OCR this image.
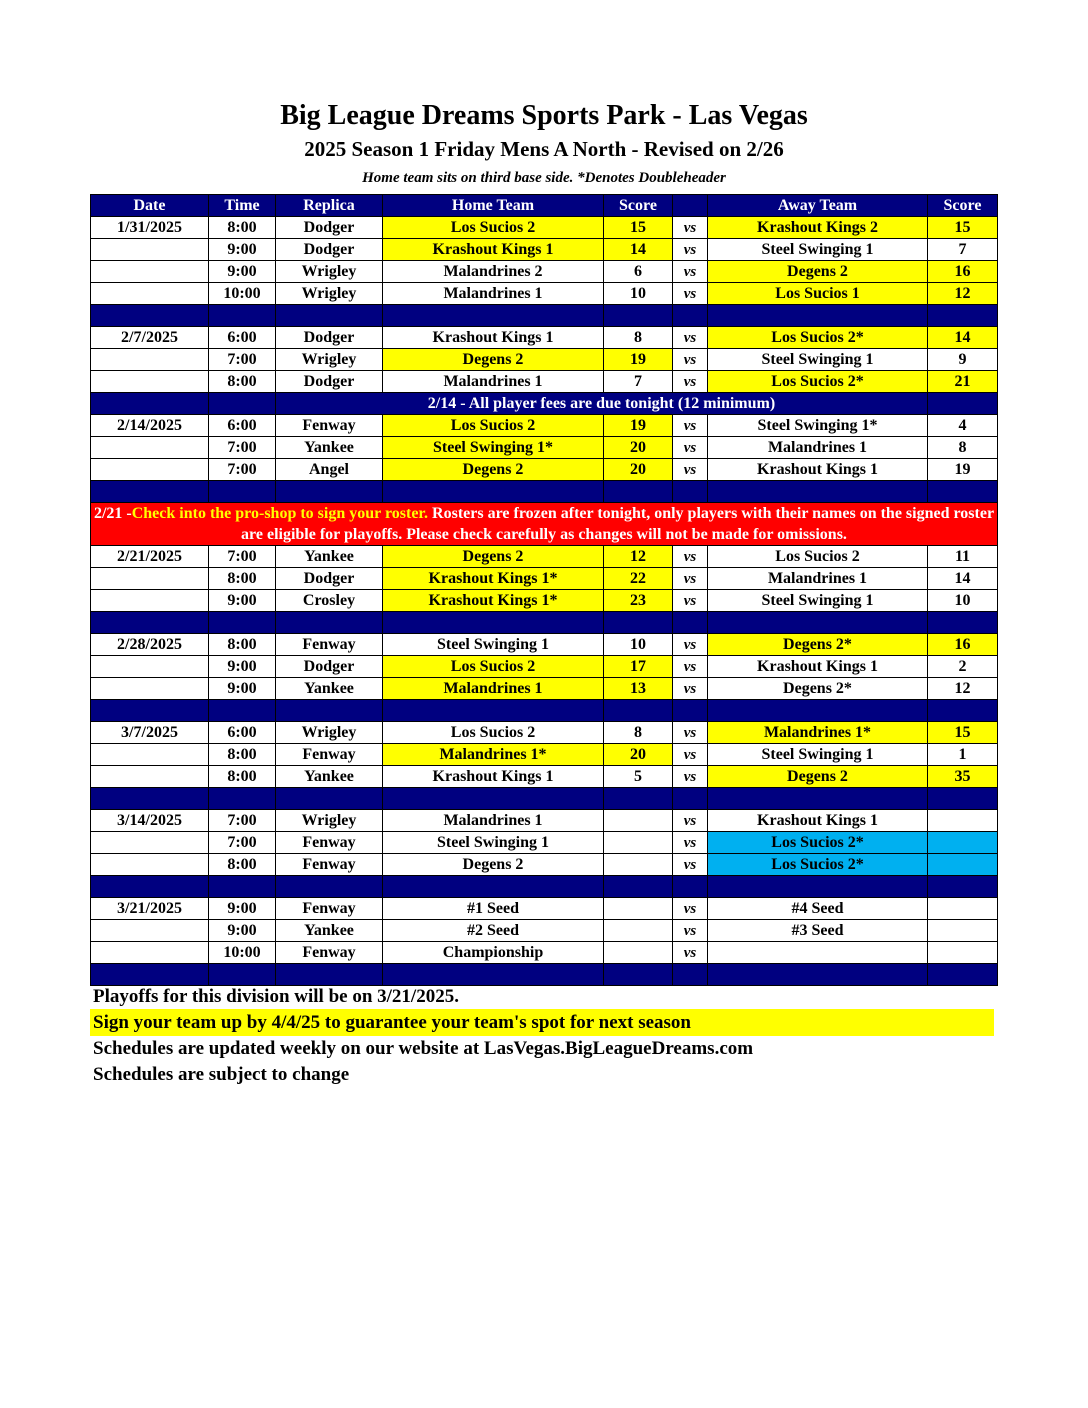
Big League Dreams Sports Park - Las Vegas
2025 Season 1 Friday Mens A North - Revised on 2/26
Home team sits on third base side. *Denotes Doubleheader
Date	Time	Replica	Home Team	Score		Away Team	Score
1/31/2025	8:00	Dodger	Los Sucios 2	15	vs	Krashout Kings 2	15
	9:00	Dodger	Krashout Kings 1	14	vs	Steel Swinging 1	7
	9:00	Wrigley	Malandrines 2	6	vs	Degens 2	16
	10:00	Wrigley	Malandrines 1	10	vs	Los Sucios 1	12

2/7/2025	6:00	Dodger	Krashout Kings 1	8	vs	Los Sucios 2*	14
	7:00	Wrigley	Degens 2	19	vs	Steel Swinging 1	9
	8:00	Dodger	Malandrines 1	7	vs	Los Sucios 2*	21
		2/14 - All player fees are due tonight (12 minimum)					
2/14/2025	6:00	Fenway	Los Sucios 2	19	vs	Steel Swinging 1*	4
	7:00	Yankee	Steel Swinging 1*	20	vs	Malandrines 1	8
	7:00	Angel	Degens 2	20	vs	Krashout Kings 1	19

2/21 -Check into the pro-shop to sign your roster. Rosters are frozen after tonight, only players with their names on the signed roster are eligible for playoffs. Please check carefully as changes will not be made for omissions.							
2/21/2025	7:00	Yankee	Degens 2	12	vs	Los Sucios 2	11
	8:00	Dodger	Krashout Kings 1*	22	vs	Malandrines 1	14
	9:00	Crosley	Krashout Kings 1*	23	vs	Steel Swinging 1	10

2/28/2025	8:00	Fenway	Steel Swinging 1	10	vs	Degens 2*	16
	9:00	Dodger	Los Sucios 2	17	vs	Krashout Kings 1	2
	9:00	Yankee	Malandrines 1	13	vs	Degens 2*	12

3/7/2025	6:00	Wrigley	Los Sucios 2	8	vs	Malandrines 1*	15
	8:00	Fenway	Malandrines 1*	20	vs	Steel Swinging 1	1
	8:00	Yankee	Krashout Kings 1	5	vs	Degens 2	35

3/14/2025	7:00	Wrigley	Malandrines 1		vs	Krashout Kings 1	
	7:00	Fenway	Steel Swinging 1		vs	Los Sucios 2*	
	8:00	Fenway	Degens 2		vs	Los Sucios 2*	

3/21/2025	9:00	Fenway	#1 Seed		vs	#4 Seed	
	9:00	Yankee	#2 Seed		vs	#3 Seed	
	10:00	Fenway	Championship		vs		

Playoffs for this division will be on 3/21/2025.
Sign your team up by 4/4/25 to guarantee your team's spot for next season
Schedules are updated weekly on our website at LasVegas.BigLeagueDreams.com
Schedules are subject to change
